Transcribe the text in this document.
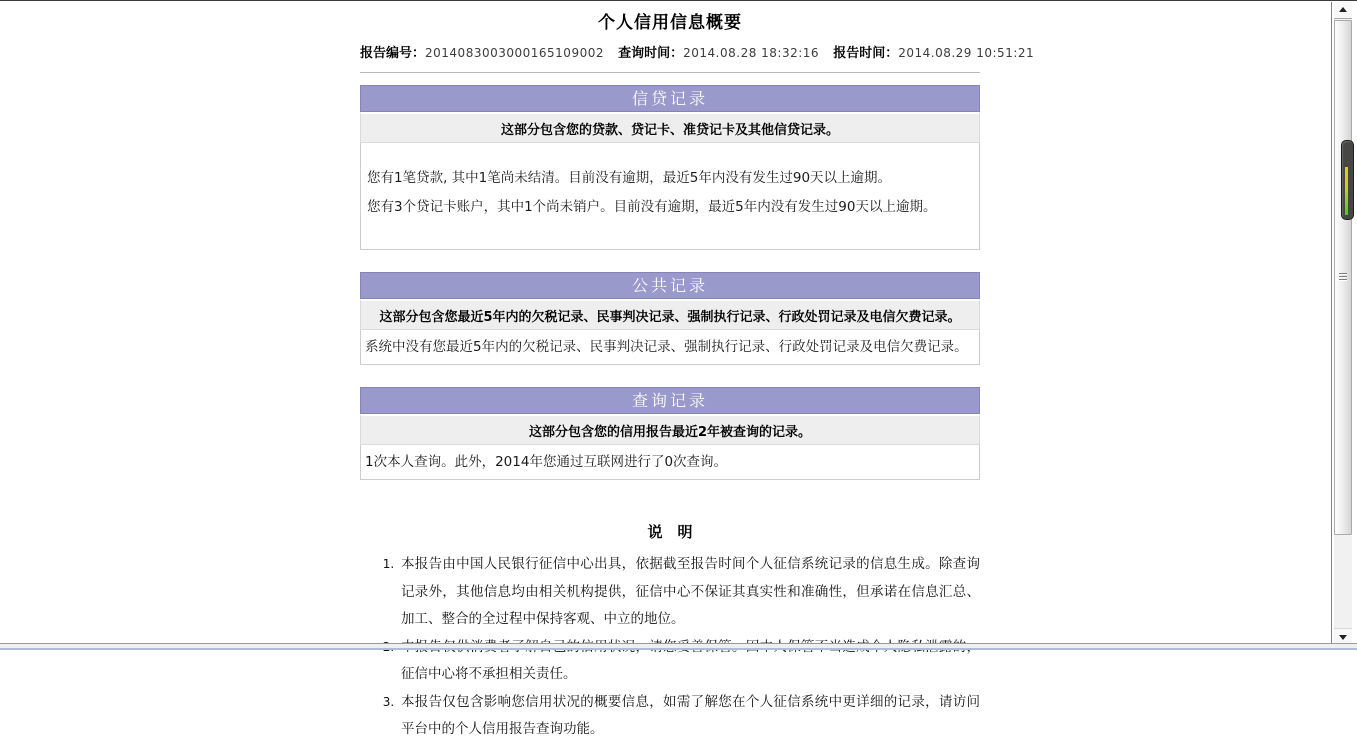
个人信用信息概要
报告编号：2014083003000165109002 查询时间：2014.08.28 18:32:16 报告时间：2014.08.29 10:51:21
信贷记录
这部分包含您的贷款、贷记卡、准贷记卡及其他信贷记录。
您有1笔贷款, 其中1笔尚未结清。目前没有逾期，最近5年内没有发生过90天以上逾期。
您有3个贷记卡账户，其中1个尚未销户。目前没有逾期，最近5年内没有发生过90天以上逾期。
公共记录
这部分包含您最近5年内的欠税记录、民事判决记录、强制执行记录、行政处罚记录及电信欠费记录。
系统中没有您最近5年内的欠税记录、民事判决记录、强制执行记录、行政处罚记录及电信欠费记录。
查询记录
这部分包含您的信用报告最近2年被查询的记录。
1次本人查询。此外，2014年您通过互联网进行了0次查询。
说　明
1. 本报告由中国人民银行征信中心出具，依据截至报告时间个人征信系统记录的信息生成。除查询记录外，其他信息均由相关机构提供，征信中心不保证其真实性和准确性，但承诺在信息汇总、加工、整合的全过程中保持客观、中立的地位。
2. 征信中心将不承担相关责任。
3. 本报告仅包含影响您信用状况的概要信息，如需了解您在个人征信系统中更详细的记录，请访问平台中的个人信用报告查询功能。
